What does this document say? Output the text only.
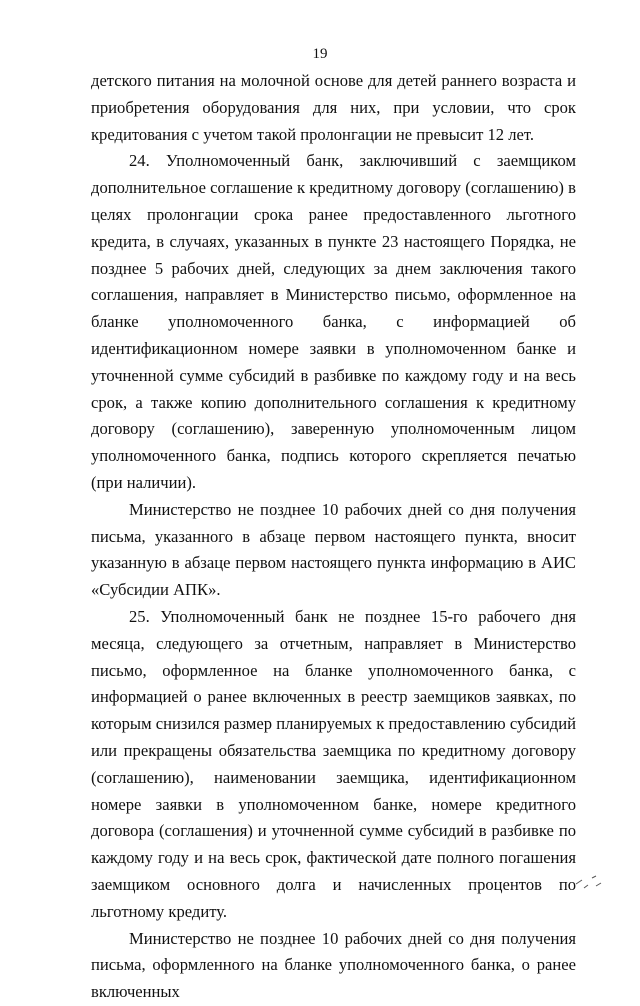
19

детского питания на молочной основе для детей раннего возраста и приобретения оборудования для них, при условии, что срок кредитования с учетом такой пролонгации не превысит 12 лет.

24. Уполномоченный банк, заключивший с заемщиком дополнительное соглашение к кредитному договору (соглашению) в целях пролонгации срока ранее предоставленного льготного кредита, в случаях, указанных в пункте 23 настоящего Порядка, не позднее 5 рабочих дней, следующих за днем заключения такого соглашения, направляет в Министерство письмо, оформленное на бланке уполномоченного банка, с информацией об идентификационном номере заявки в уполномоченном банке и уточненной сумме субсидий в разбивке по каждому году и на весь срок, а также копию дополнительного соглашения к кредитному договору (соглашению), заверенную уполномоченным лицом уполномоченного банка, подпись которого скрепляется печатью (при наличии).

Министерство не позднее 10 рабочих дней со дня получения письма, указанного в абзаце первом настоящего пункта, вносит указанную в абзаце первом настоящего пункта информацию в АИС «Субсидии АПК».

25. Уполномоченный банк не позднее 15-го рабочего дня месяца, следующего за отчетным, направляет в Министерство письмо, оформленное на бланке уполномоченного банка, с информацией о ранее включенных в реестр заемщиков заявках, по которым снизился размер планируемых к предоставлению субсидий или прекращены обязательства заемщика по кредитному договору (соглашению), наименовании заемщика, идентификационном номере заявки в уполномоченном банке, номере кредитного договора (соглашения) и уточненной сумме субсидий в разбивке по каждому году и на весь срок, фактической дате полного погашения заемщиком основного долга и начисленных процентов по льготному кредиту.

Министерство не позднее 10 рабочих дней со дня получения письма, оформленного на бланке уполномоченного банка, о ранее включенных
